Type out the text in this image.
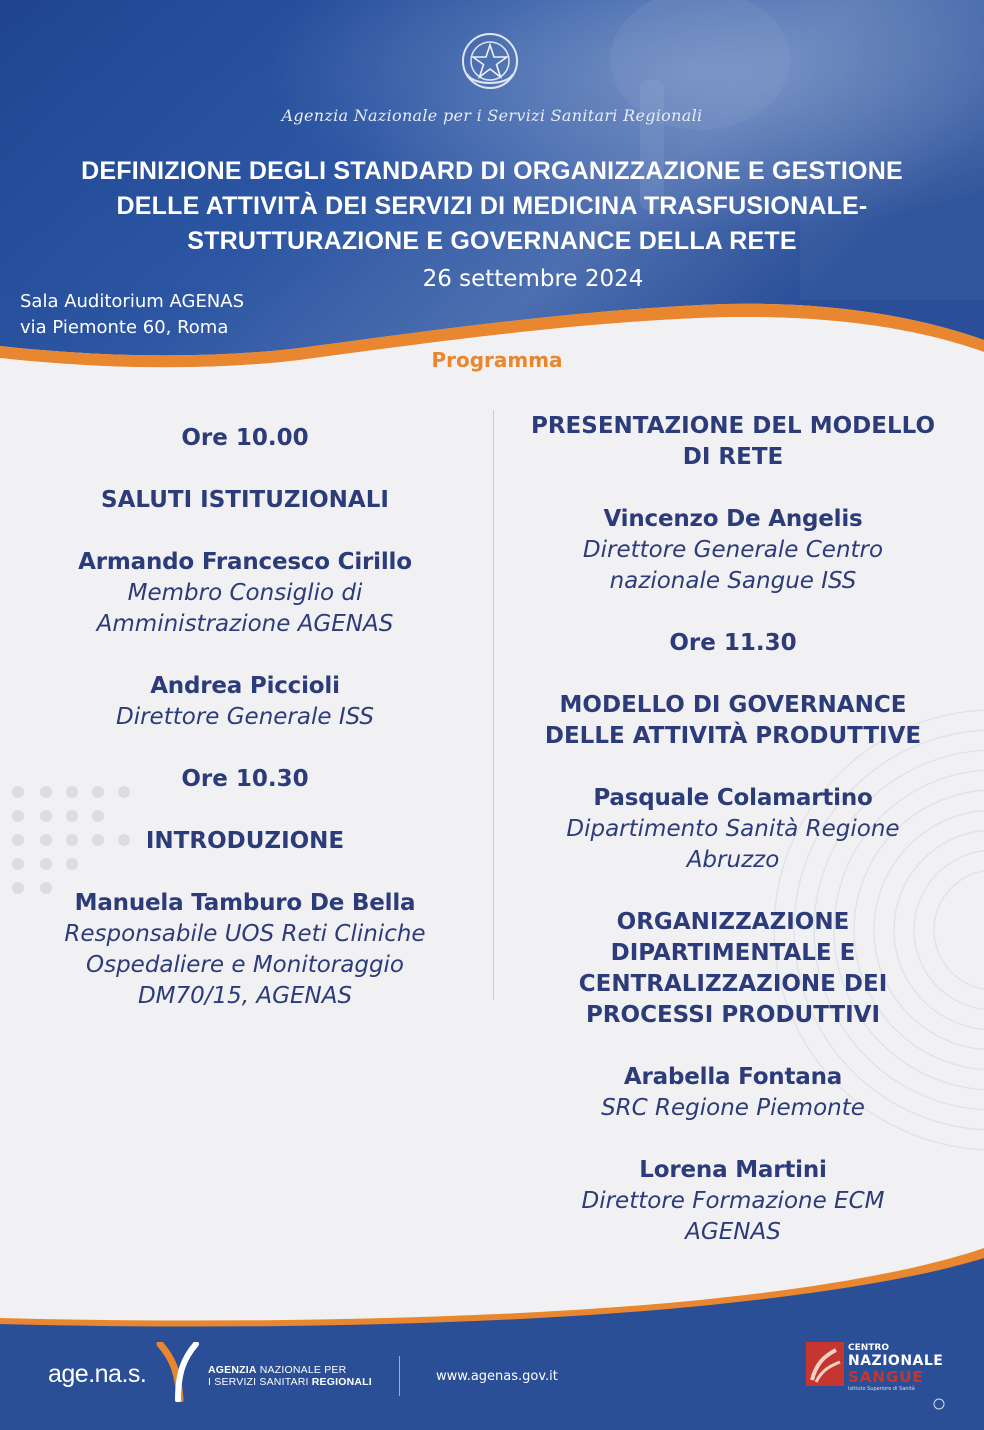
Agenzia Nazionale per i Servizi Sanitari Regionali
DEFINIZIONE DEGLI STANDARD DI ORGANIZZAZIONE E GESTIONE
DELLE ATTIVITÀ DEI SERVIZI DI MEDICINA TRASFUSIONALE-
STRUTTURAZIONE E GOVERNANCE DELLA RETE
26 settembre 2024
Sala Auditorium AGENAS
via Piemonte 60, Roma
Programma
Ore 10.00
SALUTI ISTITUZIONALI
Armando Francesco Cirillo
Membro Consiglio di
Amministrazione AGENAS
Andrea Piccioli
Direttore Generale ISS
Ore 10.30
INTRODUZIONE
Manuela Tamburo De Bella
Responsabile UOS Reti Cliniche
Ospedaliere e Monitoraggio
DM70/15, AGENAS
PRESENTAZIONE DEL MODELLO
DI RETE
Vincenzo De Angelis
Direttore Generale Centro
nazionale Sangue ISS
Ore 11.30
MODELLO DI GOVERNANCE
DELLE ATTIVITÀ PRODUTTIVE
Pasquale Colamartino
Dipartimento Sanità Regione
Abruzzo
ORGANIZZAZIONE
DIPARTIMENTALE E
CENTRALIZZAZIONE DEI
PROCESSI PRODUTTIVI
Arabella Fontana
SRC Regione Piemonte
Lorena Martini
Direttore Formazione ECM
AGENAS
age.na.s.	AGENZIA NAZIONALE PER
I SERVIZI SANITARI REGIONALI	www.agenas.gov.it
CENTRO
NAZIONALE
SANGUE
Istituto Superiore di Sanità
